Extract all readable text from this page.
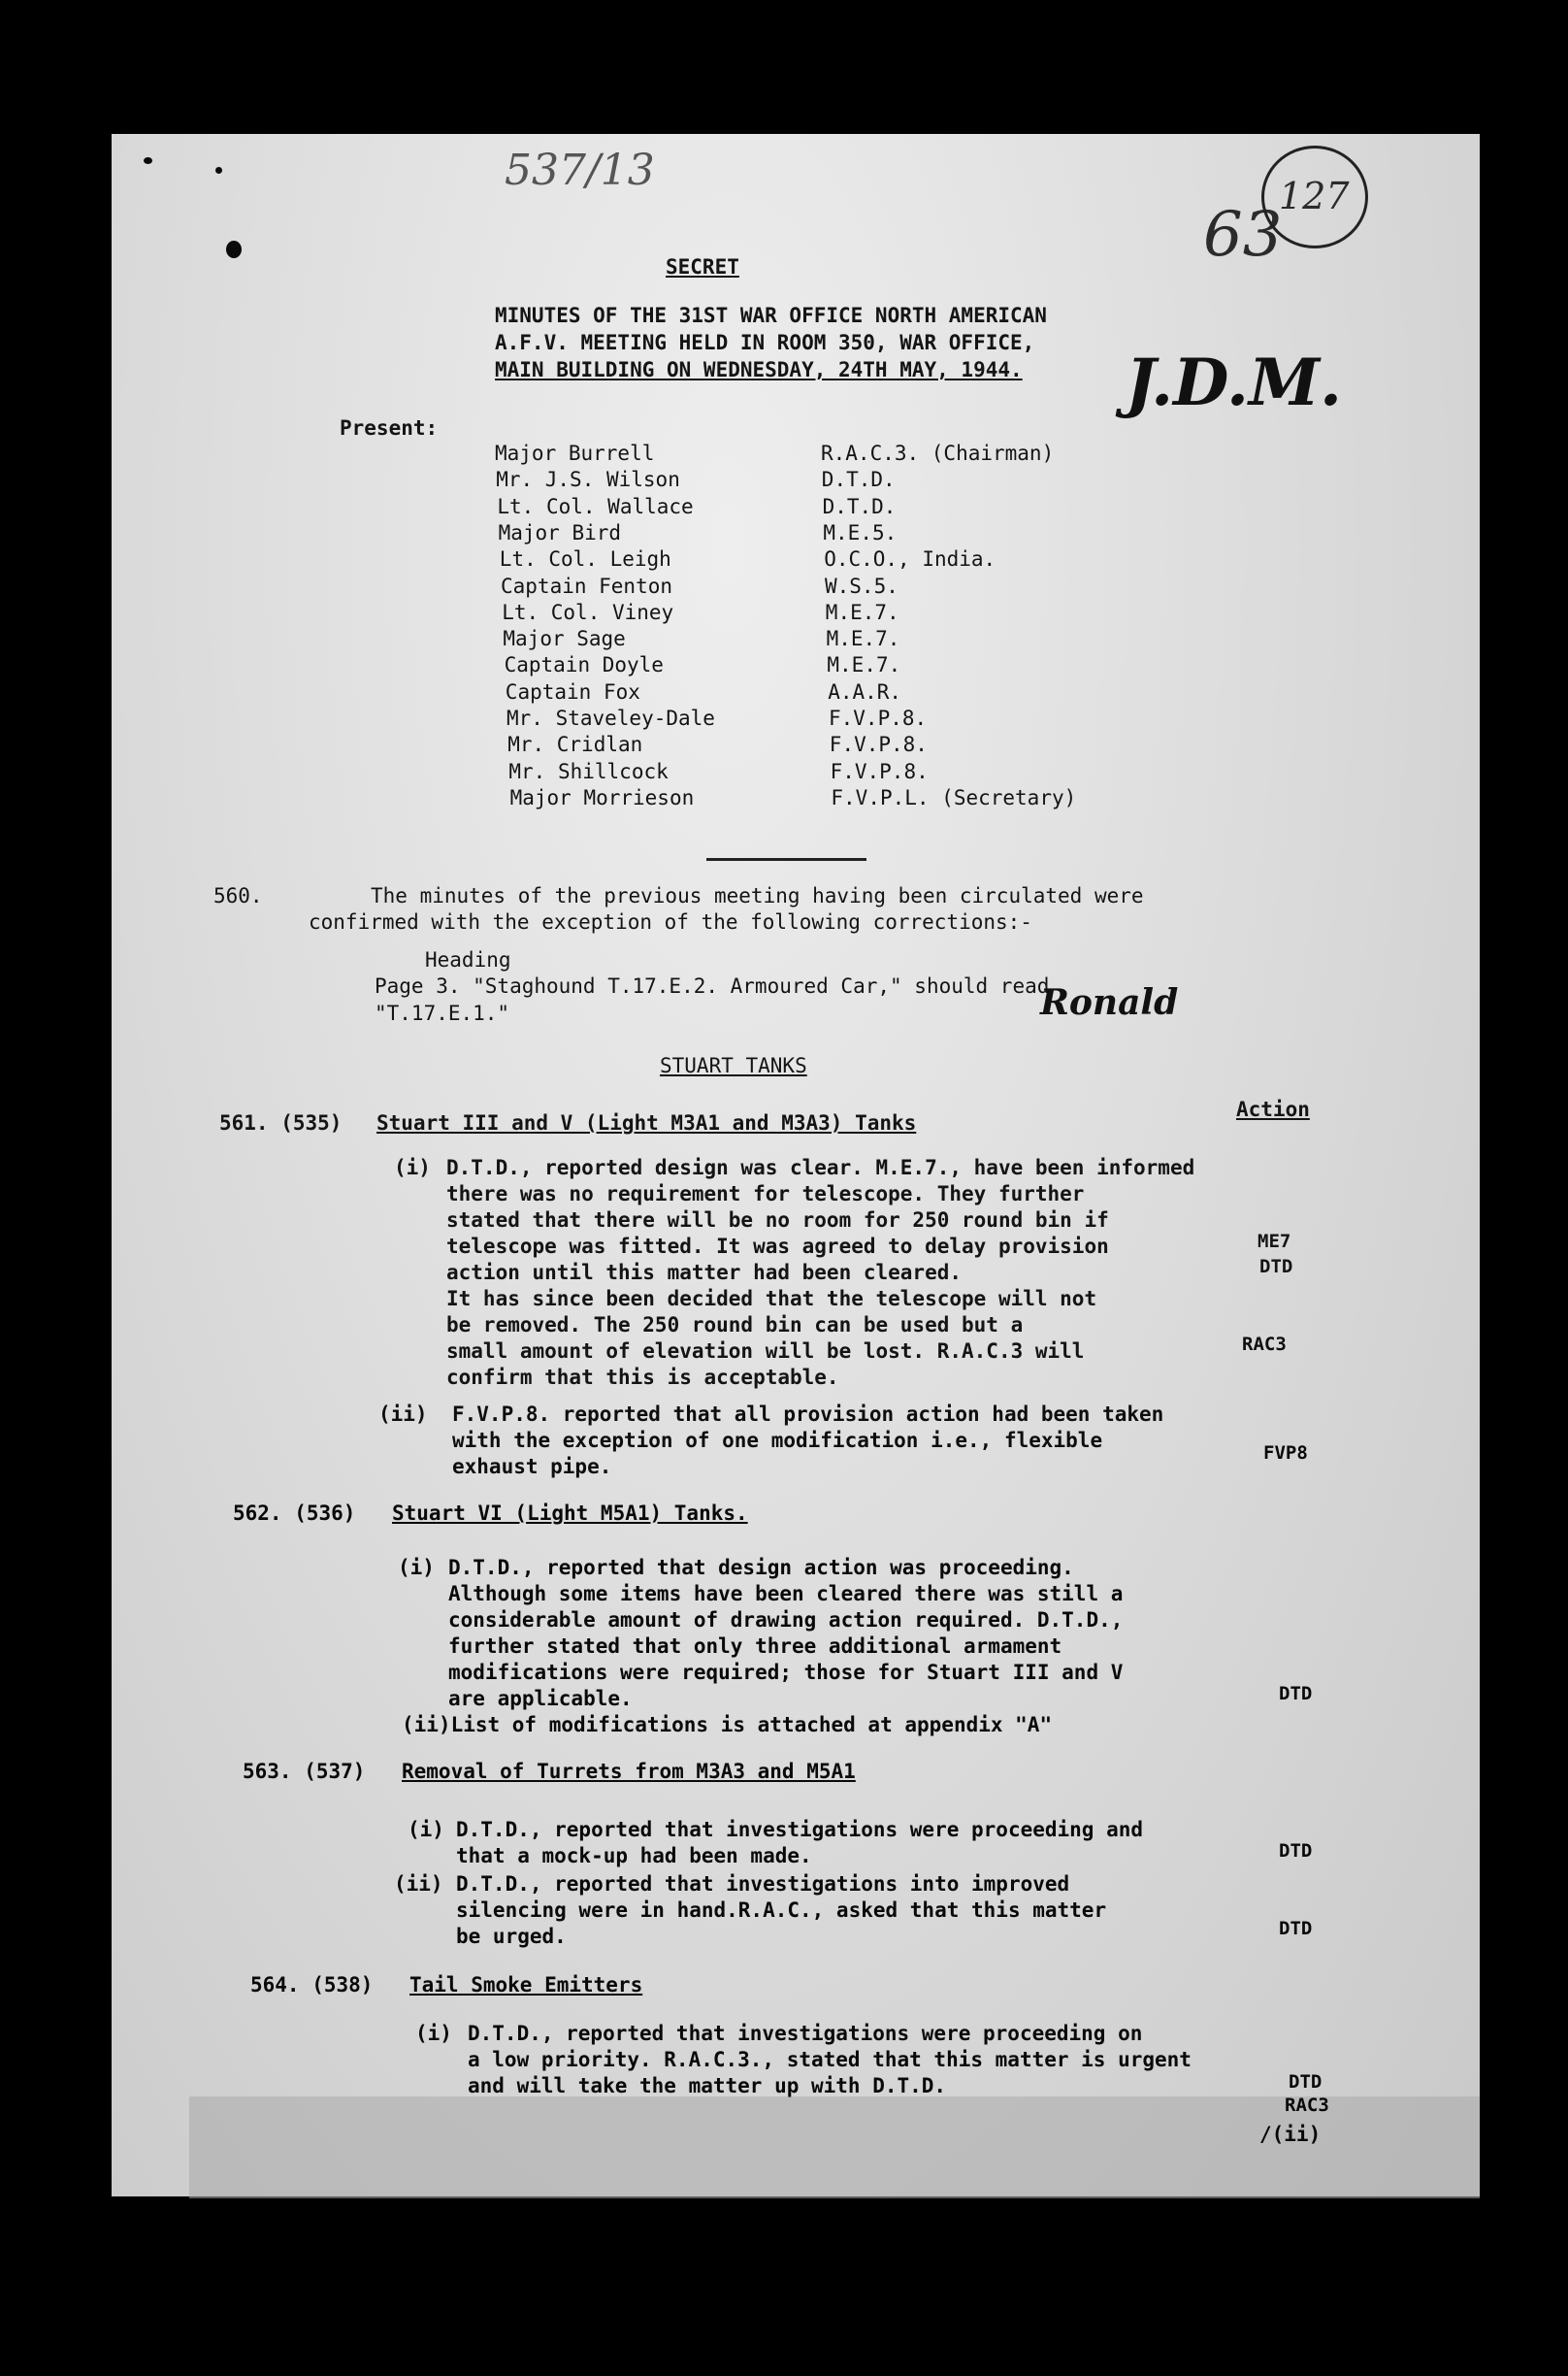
537/13
63
127
J.D.M.
SECRET
MINUTES OF THE 31ST WAR OFFICE NORTH AMERICAN
A.F.V. MEETING HELD IN ROOM 350, WAR OFFICE,
MAIN BUILDING ON WEDNESDAY, 24TH MAY, 1944.
Present:
Major Burrell	R.A.C.3. (Chairman)
Mr. J.S. Wilson	D.T.D.
Lt. Col. Wallace	D.T.D.
Major Bird	M.E.5.
Lt. Col. Leigh	O.C.O., India.
Captain Fenton	W.S.5.
Lt. Col. Viney	M.E.7.
Major Sage	M.E.7.
Captain Doyle	M.E.7.
Captain Fox	A.A.R.
Mr. Staveley-Dale	F.V.P.8.
Mr. Cridlan	F.V.P.8.
Mr. Shillcock	F.V.P.8.
Major Morrieson	F.V.P.L. (Secretary)
560.	The minutes of the previous meeting having been circulated were
confirmed with the exception of the following corrections:-
Heading
Page 3. "Staghound T.17.E.2. Armoured Car," should read
"T.17.E.1."	Ronald
STUART TANKS
Action
561. (535) Stuart III and V (Light M3A1 and M3A3) Tanks
(i) D.T.D., reported design was clear. M.E.7., have been informed
there was no requirement for telescope. They further
stated that there will be no room for 250 round bin if
telescope was fitted. It was agreed to delay provision
action until this matter had been cleared.
It has since been decided that the telescope will not
be removed. The 250 round bin can be used but a
small amount of elevation will be lost. R.A.C.3 will
confirm that this is acceptable.
(ii) F.V.P.8. reported that all provision action had been taken
with the exception of one modification i.e., flexible
exhaust pipe.
ME7
DTD
RAC3
FVP8
562. (536) Stuart VI (Light M5A1) Tanks.
(i) D.T.D., reported that design action was proceeding.
Although some items have been cleared there was still a
considerable amount of drawing action required. D.T.D.,
further stated that only three additional armament
modifications were required; those for Stuart III and V
are applicable.
(ii)List of modifications is attached at appendix "A"
DTD
563. (537) Removal of Turrets from M3A3 and M5A1
(i) D.T.D., reported that investigations were proceeding and
that a mock-up had been made.
(ii) D.T.D., reported that investigations into improved
silencing were in hand.R.A.C., asked that this matter
be urged.
DTD
DTD
564. (538) Tail Smoke Emitters
(i) D.T.D., reported that investigations were proceeding on
a low priority. R.A.C.3., stated that this matter is urgent
and will take the matter up with D.T.D.	DTD
RAC3
/(ii)
